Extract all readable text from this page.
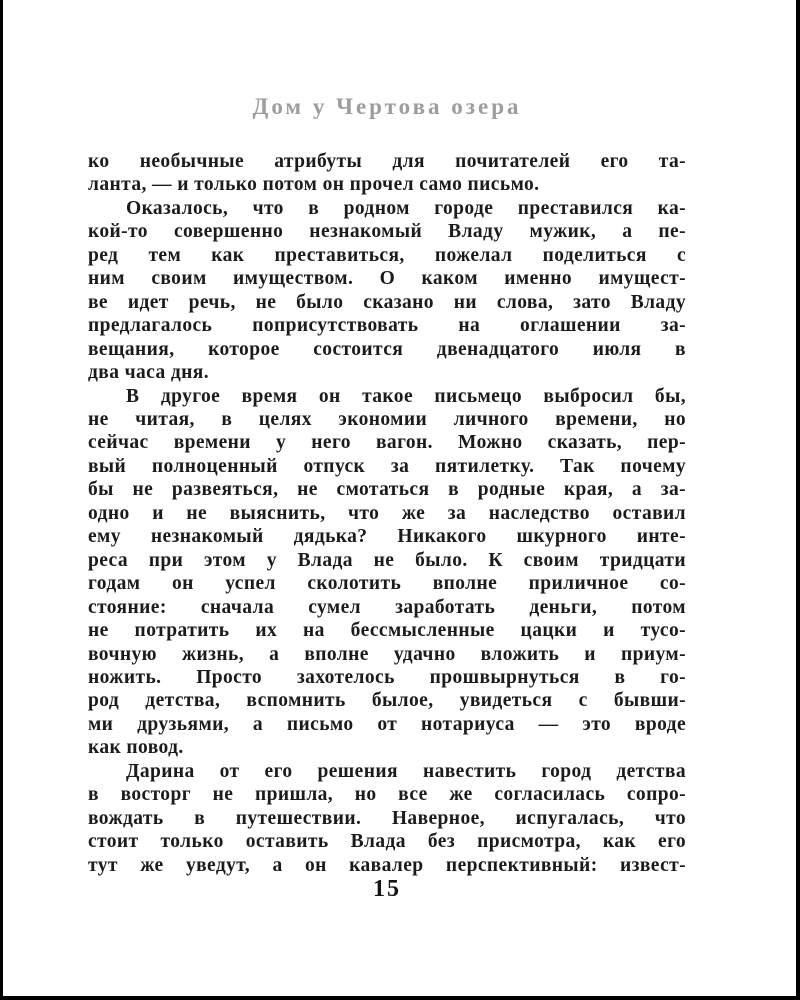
Дом у Чертова озера
ко необычные атрибуты для почитателей его та-
ланта, — и только потом он прочел само письмо.
Оказалось, что в родном городе преставился ка-
кой-то совершенно незнакомый Владу мужик, а пе-
ред тем как преставиться, пожелал поделиться с
ним своим имуществом. О каком именно имущест-
ве идет речь, не было сказано ни слова, зато Владу
предлагалось поприсутствовать на оглашении за-
вещания, которое состоится двенадцатого июля в
два часа дня.
В другое время он такое письмецо выбросил бы,
не читая, в целях экономии личного времени, но
сейчас времени у него вагон. Можно сказать, пер-
вый полноценный отпуск за пятилетку. Так почему
бы не развеяться, не смотаться в родные края, а за-
одно и не выяснить, что же за наследство оставил
ему незнакомый дядька? Никакого шкурного инте-
реса при этом у Влада не было. К своим тридцати
годам он успел сколотить вполне приличное со-
стояние: сначала сумел заработать деньги, потом
не потратить их на бессмысленные цацки и тусо-
вочную жизнь, а вполне удачно вложить и приум-
ножить. Просто захотелось прошвырнуться в го-
род детства, вспомнить былое, увидеться с бывши-
ми друзьями, а письмо от нотариуса — это вроде
как повод.
Дарина от его решения навестить город детства
в восторг не пришла, но все же согласилась сопро-
вождать в путешествии. Наверное, испугалась, что
стоит только оставить Влада без присмотра, как его
тут же уведут, а он кавалер перспективный: извест-
15
